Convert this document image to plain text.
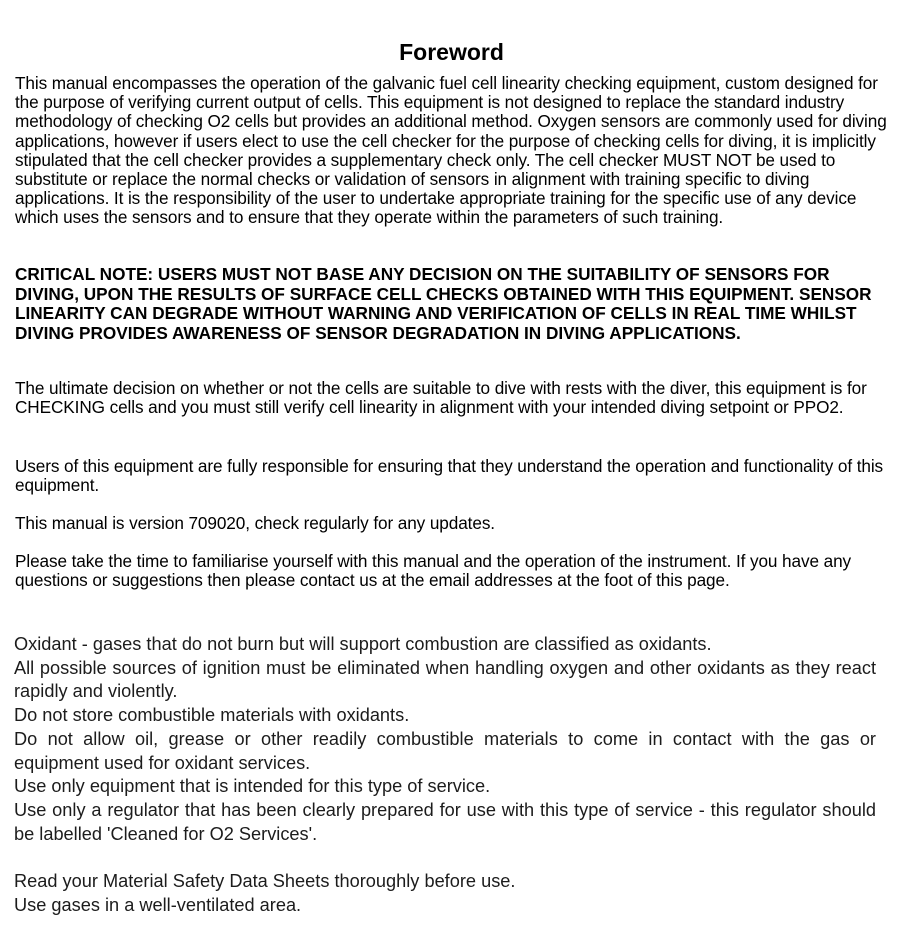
Foreword

This manual encompasses the operation of the galvanic fuel cell linearity checking equipment, custom designed for the purpose of verifying current output of cells. This equipment is not designed to replace the standard industry methodology of checking O2 cells but provides an additional method. Oxygen sensors are commonly used for diving applications, however if users elect to use the cell checker for the purpose of checking cells for diving, it is implicitly stipulated that the cell checker provides a supplementary check only. The cell checker MUST NOT be used to substitute or replace the normal checks or validation of sensors in alignment with training specific to diving applications. It is the responsibility of the user to undertake appropriate training for the specific use of any device which uses the sensors and to ensure that they operate within the parameters of such training.

CRITICAL NOTE: USERS MUST NOT BASE ANY DECISION ON THE SUITABILITY OF SENSORS FOR DIVING, UPON THE RESULTS OF SURFACE CELL CHECKS OBTAINED WITH THIS EQUIPMENT. SENSOR LINEARITY CAN DEGRADE WITHOUT WARNING AND VERIFICATION OF CELLS IN REAL TIME WHILST DIVING PROVIDES AWARENESS OF SENSOR DEGRADATION IN DIVING APPLICATIONS.

The ultimate decision on whether or not the cells are suitable to dive with rests with the diver, this equipment is for CHECKING cells and you must still verify cell linearity in alignment with your intended diving setpoint or PPO2.

Users of this equipment are fully responsible for ensuring that they understand the operation and functionality of this equipment.

This manual is version 709020, check regularly for any updates.

Please take the time to familiarise yourself with this manual and the operation of the instrument. If you have any questions or suggestions then please contact us at the email addresses at the foot of this page.

Oxidant - gases that do not burn but will support combustion are classified as oxidants.
All possible sources of ignition must be eliminated when handling oxygen and other oxidants as they react rapidly and violently.
Do not store combustible materials with oxidants.
Do not allow oil, grease or other readily combustible materials to come in contact with the gas or equipment used for oxidant services.
Use only equipment that is intended for this type of service.
Use only a regulator that has been clearly prepared for use with this type of service - this regulator should be labelled 'Cleaned for O2 Services'.
Read your Material Safety Data Sheets thoroughly before use.
Use gases in a well-ventilated area.
